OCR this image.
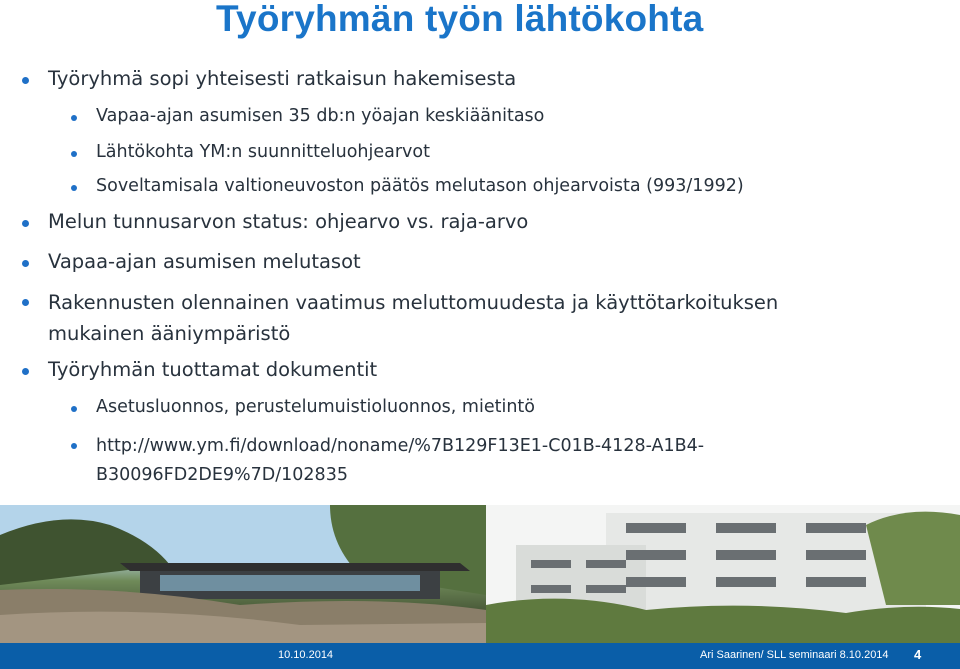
Työryhmän työn lähtökohta
Työryhmä sopi yhteisesti ratkaisun hakemisesta
Vapaa-ajan asumisen 35 db:n yöajan keskiäänitaso
Lähtökohta YM:n suunnitteluohjearvot
Soveltamisala valtioneuvoston päätös melutason ohjearvoista (993/1992)
Melun tunnusarvon status: ohjearvo vs. raja-arvo
Vapaa-ajan asumisen melutasot
Rakennusten olennainen vaatimus meluttomuudesta ja käyttötarkoituksen
mukainen ääniympäristö
Työryhmän tuottamat dokumentit
Asetusluonnos, perustelumuistioluonnos, mietintö
http://www.ym.fi/download/noname/%7B129F13E1-C01B-4128-A1B4-
B30096FD2DE9%7D/102835
10.10.2014	Ari Saarinen/ SLL seminaari 8.10.2014 4
